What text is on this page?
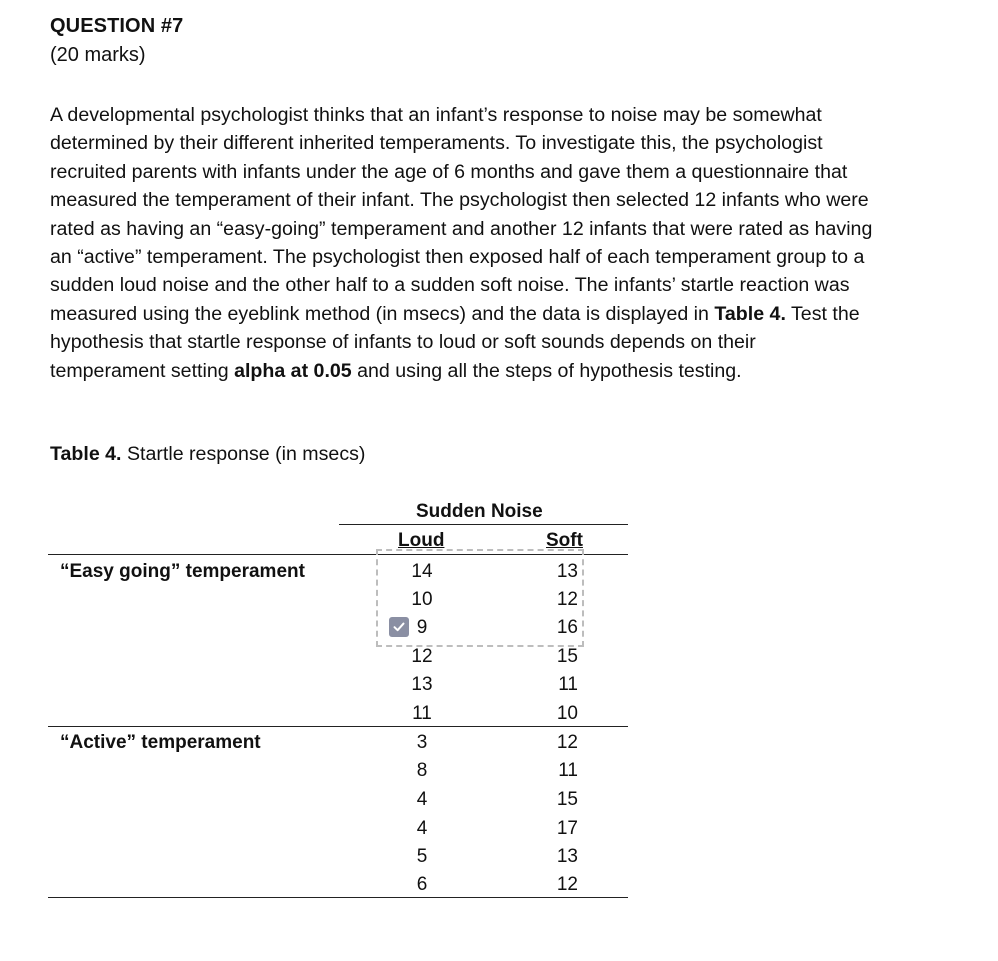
QUESTION #7
(20 marks)

A developmental psychologist thinks that an infant’s response to noise may be somewhat
determined by their different inherited temperaments. To investigate this, the psychologist
recruited parents with infants under the age of 6 months and gave them a questionnaire that
measured the temperament of their infant. The psychologist then selected 12 infants who were
rated as having an “easy-going” temperament and another 12 infants that were rated as having
an “active” temperament. The psychologist then exposed half of each temperament group to a
sudden loud noise and the other half to a sudden soft noise. The infants’ startle reaction was
measured using the eyeblink method (in msecs) and the data is displayed in Table 4. Test the
hypothesis that startle response of infants to loud or soft sounds depends on their
temperament setting alpha at 0.05 and using all the steps of hypothesis testing.

Table 4. Startle response (in msecs)
Sudden Noise
Loud	Soft
“Easy going” temperament
“Active” temperament
14
10
9
12
13
11
13
12
16
15
11
10
3
8
4
4
5
6
12
11
15
17
13
12
